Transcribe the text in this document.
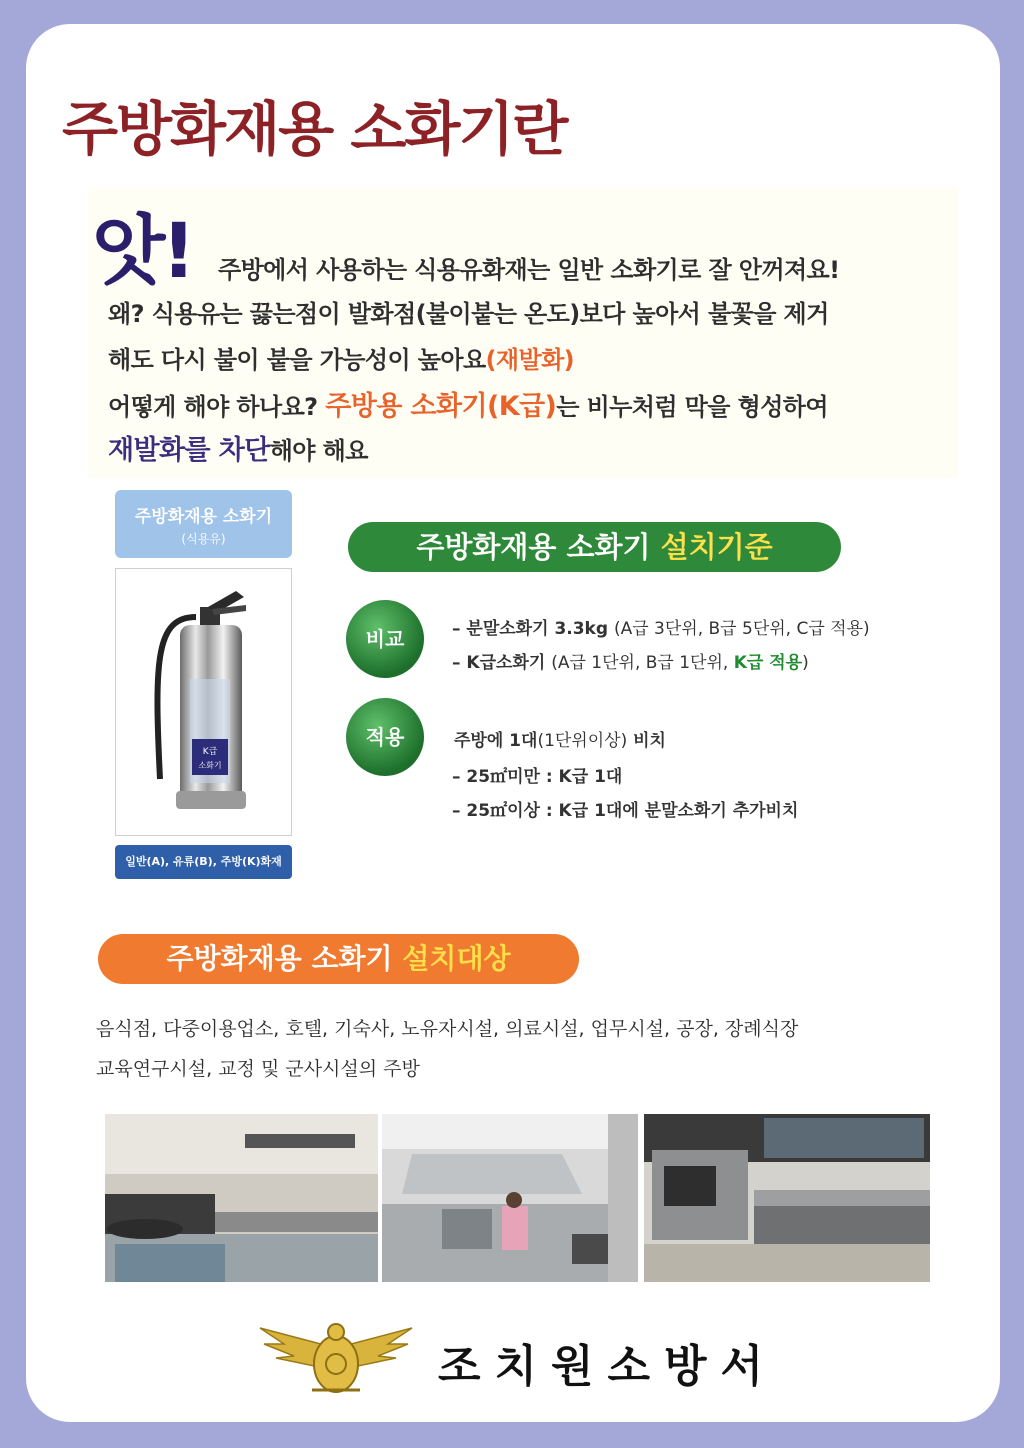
주방화재용 소화기란
앗! 주방에서 사용하는 식용유화재는 일반 소화기로 잘 안꺼져요!
왜? 식용유는 끓는점이 발화점(불이붙는 온도)보다 높아서 불꽃을 제거
해도 다시 불이 붙을 가능성이 높아요(재발화)
어떻게 해야 하나요? 주방용 소화기(K급)는 비누처럼 막을 형성하여
재발화를 차단해야 해요
주방화재용 소화기
(식용유)
K급
소화기
일반(A), 유류(B), 주방(K)화재
주방화재용 소화기 설치기준
비교	– 분말소화기 3.3kg (A급 3단위, B급 5단위, C급 적용)
– K급소화기 (A급 1단위, B급 1단위, K급 적용)
적용	주방에 1대(1단위이상) 비치
– 25㎡미만 : K급 1대
– 25㎡이상 : K급 1대에 분말소화기 추가비치
주방화재용 소화기 설치대상
음식점, 다중이용업소, 호텔, 기숙사, 노유자시설, 의료시설, 업무시설, 공장, 장례식장
교육연구시설, 교정 및 군사시설의 주방
조치원소방서
